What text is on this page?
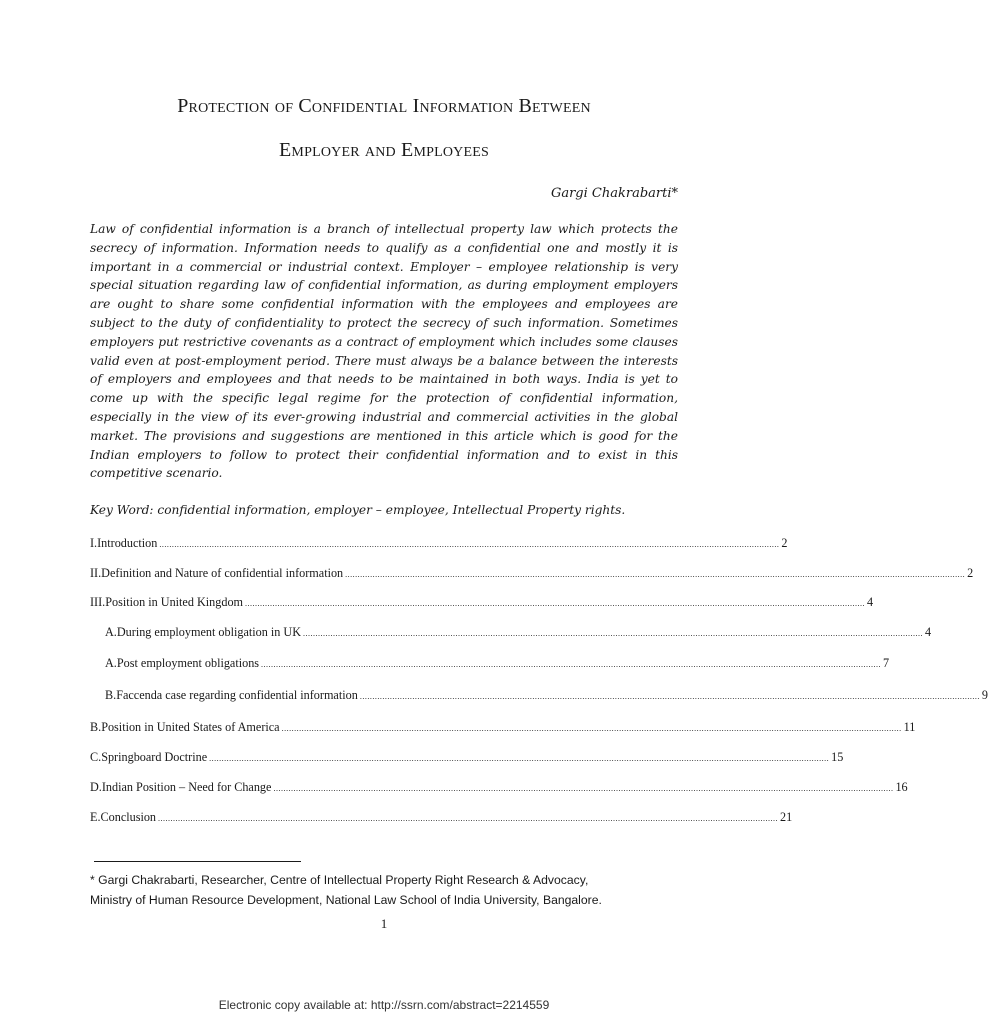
Protection of Confidential Information Between
Employer and Employees
Gargi Chakrabarti*

Law of confidential information is a branch of intellectual property law which protects the secrecy of information. Information needs to qualify as a confidential one and mostly it is important in a commercial or industrial context. Employer – employee relationship is very special situation regarding law of confidential information, as during employment employers are ought to share some confidential information with the employees and employees are subject to the duty of confidentiality to protect the secrecy of such information. Sometimes employers put restrictive covenants as a contract of employment which includes some clauses valid even at post-employment period. There must always be a balance between the interests of employers and employees and that needs to be maintained in both ways. India is yet to come up with the specific legal regime for the protection of confidential information, especially in the view of its ever-growing industrial and commercial activities in the global market. The provisions and suggestions are mentioned in this article which is good for the Indian employers to follow to protect their confidential information and to exist in this competitive scenario.

Key Word: confidential information, employer – employee, Intellectual Property rights.

I. Introduction ........................................................................................................................................................................................................................................................ 2
II. Definition and Nature of confidential information ........................................................................................................................................................................................................................................................ 2
III. Position in United Kingdom ........................................................................................................................................................................................................................................................ 4
A. During employment obligation in UK ........................................................................................................................................................................................................................................................ 4
A. Post employment obligations ........................................................................................................................................................................................................................................................ 7
B. Faccenda case regarding confidential information ........................................................................................................................................................................................................................................................ 9
B. Position in United States of America ........................................................................................................................................................................................................................................................ 11
C. Springboard Doctrine ........................................................................................................................................................................................................................................................ 15
D. Indian Position – Need for Change ........................................................................................................................................................................................................................................................ 16
E. Conclusion ........................................................................................................................................................................................................................................................ 21
* Gargi Chakrabarti, Researcher, Centre of Intellectual Property Right Research & Advocacy,
Ministry of Human Resource Development, National Law School of India University, Bangalore.
1
Electronic copy available at: http://ssrn.com/abstract=2214559
